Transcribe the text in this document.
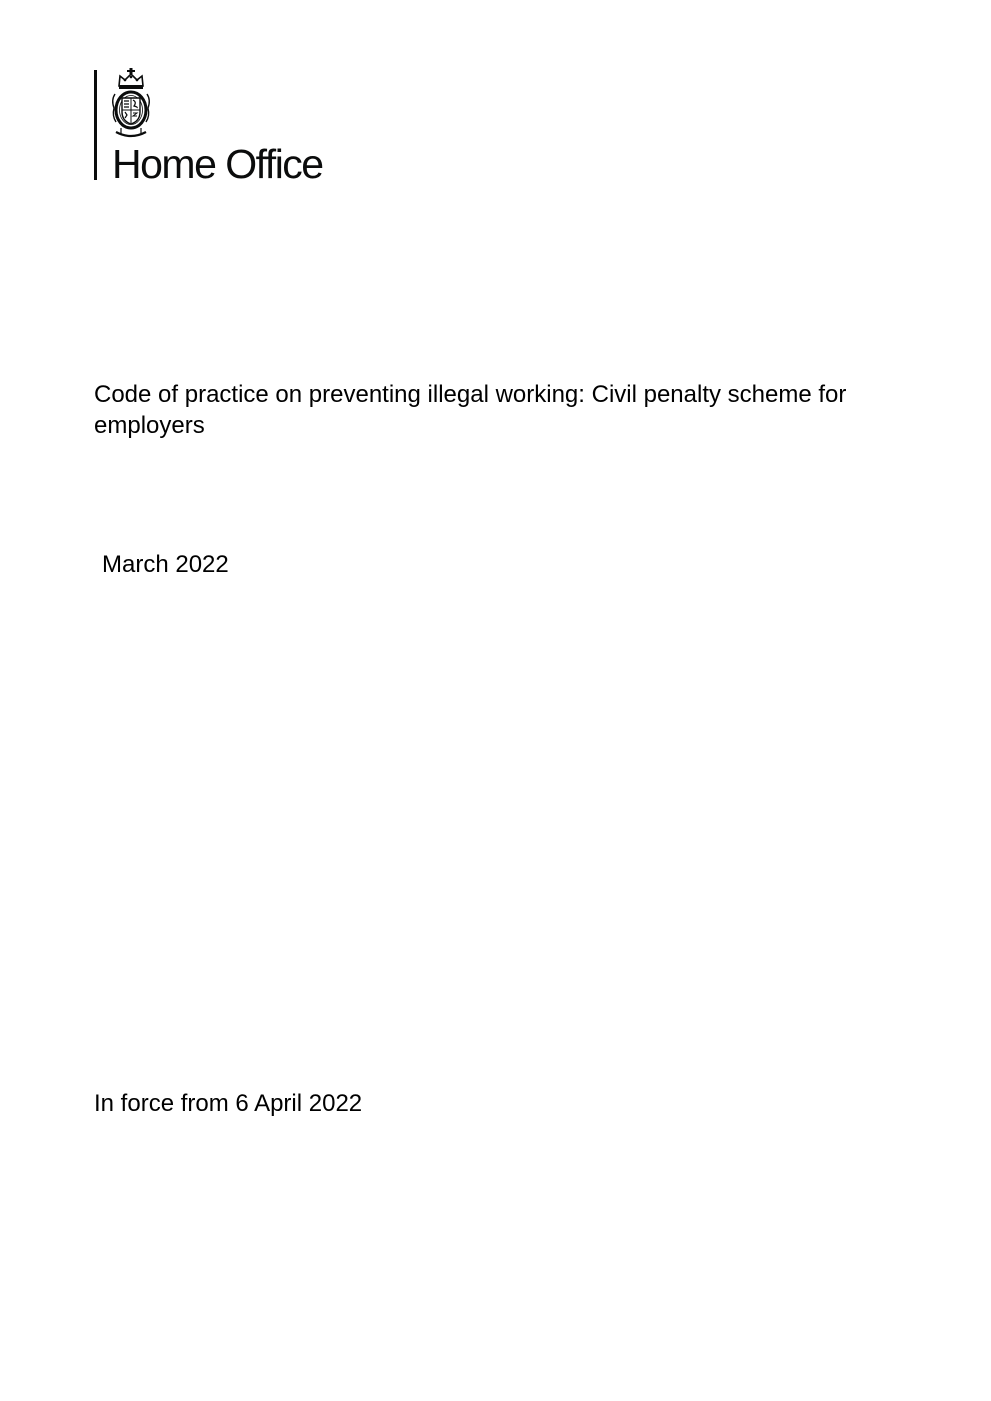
Home Office
Code of practice on preventing illegal working: Civil penalty scheme for employers

March 2022

In force from 6 April 2022
